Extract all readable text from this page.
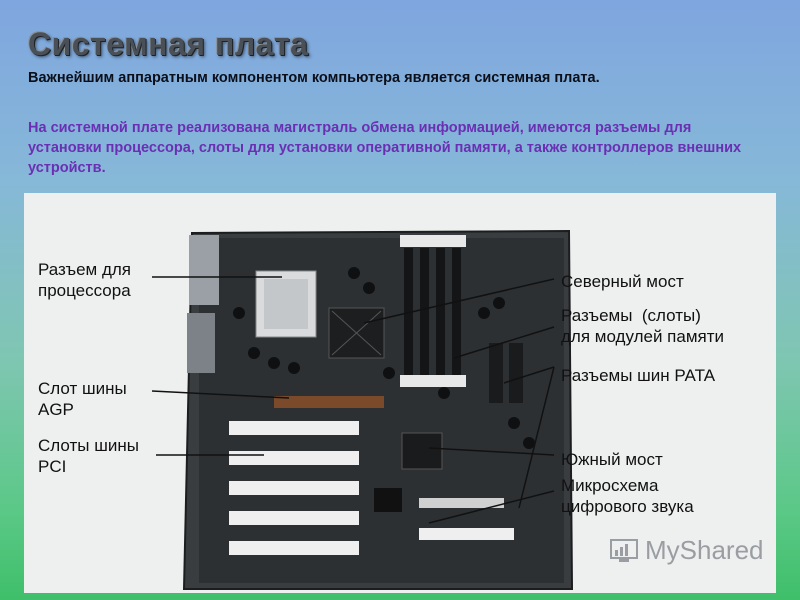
Системная плата
Важнейшим аппаратным компонентом компьютера является системная плата.
На системной плате реализована магистраль обмена информацией, имеются разъемы для установки процессора, слоты для установки оперативной памяти, а также контроллеров внешних устройств.
Разъем для
процессора
Слот шины
AGP
Слоты шины
PCI
Северный мост
Разъемы  (слоты)
для модулей памяти
Разъемы шин PATA
Южный мост
Микросхема
цифрового звука
MyShared
